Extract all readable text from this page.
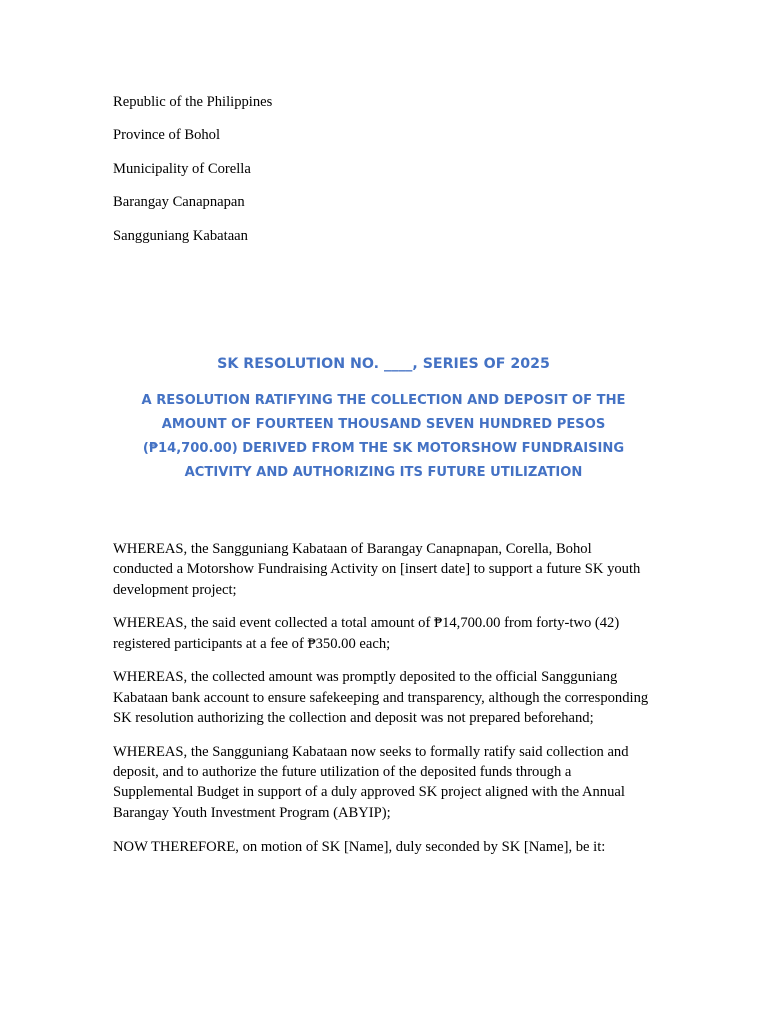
Republic of the Philippines
Province of Bohol
Municipality of Corella
Barangay Canapnapan
Sangguniang Kabataan

SK RESOLUTION NO. ____, SERIES OF 2025

A RESOLUTION RATIFYING THE COLLECTION AND DEPOSIT OF THE AMOUNT OF FOURTEEN THOUSAND SEVEN HUNDRED PESOS (₱14,700.00) DERIVED FROM THE SK MOTORSHOW FUNDRAISING ACTIVITY AND AUTHORIZING ITS FUTURE UTILIZATION

WHEREAS, the Sangguniang Kabataan of Barangay Canapnapan, Corella, Bohol conducted a Motorshow Fundraising Activity on [insert date] to support a future SK youth development project;

WHEREAS, the said event collected a total amount of ₱14,700.00 from forty-two (42) registered participants at a fee of ₱350.00 each;

WHEREAS, the collected amount was promptly deposited to the official Sangguniang Kabataan bank account to ensure safekeeping and transparency, although the corresponding SK resolution authorizing the collection and deposit was not prepared beforehand;

WHEREAS, the Sangguniang Kabataan now seeks to formally ratify said collection and deposit, and to authorize the future utilization of the deposited funds through a Supplemental Budget in support of a duly approved SK project aligned with the Annual Barangay Youth Investment Program (ABYIP);

NOW THEREFORE, on motion of SK [Name], duly seconded by SK [Name], be it:
